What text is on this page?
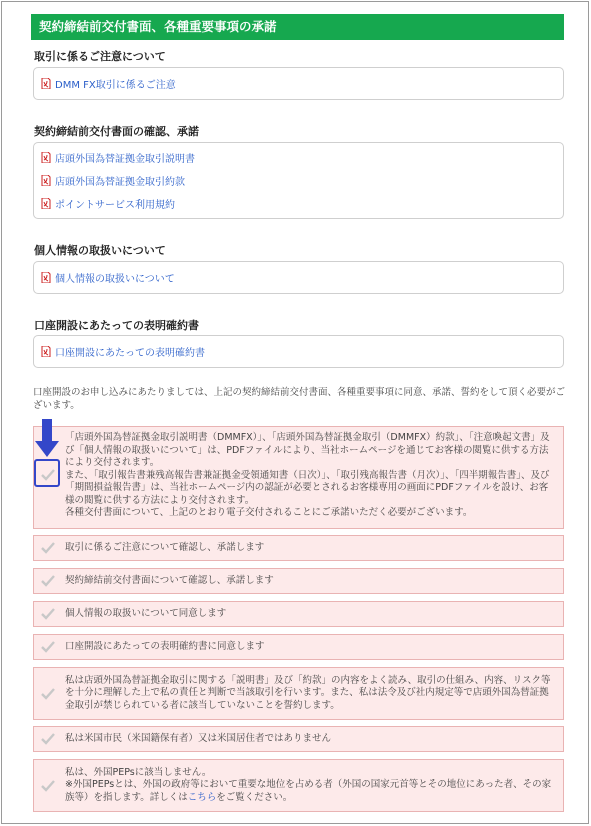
契約締結前交付書面、各種重要事項の承諾
取引に係るご注意について
DMM FX取引に係るご注意
契約締結前交付書面の確認、承諾
店頭外国為替証拠金取引説明書
店頭外国為替証拠金取引約款
ポイントサービス利用規約
個人情報の取扱いについて
個人情報の取扱いについて
口座開設にあたっての表明確約書
口座開設にあたっての表明確約書
口座開設のお申し込みにあたりましては、上記の契約締結前交付書面、各種重要事項に同意、承諾、誓約をして頂く必要がございます。
「店頭外国為替証拠金取引説明書（DMMFX）」、「店頭外国為替証拠金取引（DMMFX）約款」、「注意喚起文書」及び「個人情報の取扱いについて」は、PDFファイルにより、当社ホームページを通じてお客様の閲覧に供する方法により交付されます。
また、「取引報告書兼残高報告書兼証拠金受領通知書（日次）」、「取引残高報告書（月次）」、「四半期報告書」、及び「期間損益報告書」は、当社ホームページ内の認証が必要とされるお客様専用の画面にPDFファイルを設け、お客様の閲覧に供する方法により交付されます。
各種交付書面について、上記のとおり電子交付されることにご承諾いただく必要がございます。
取引に係るご注意について確認し、承諾します
契約締結前交付書面について確認し、承諾します
個人情報の取扱いについて同意します
口座開設にあたっての表明確約書に同意します
私は店頭外国為替証拠金取引に関する「説明書」及び「約款」の内容をよく読み、取引の仕組み、内容、リスク等を十分に理解した上で私の責任と判断で当該取引を行います。また、私は法令及び社内規定等で店頭外国為替証拠金取引が禁じられている者に該当していないことを誓約します。
私は米国市民（米国籍保有者）又は米国居住者ではありません
私は、外国PEPsに該当しません。
※外国PEPsとは、外国の政府等において重要な地位を占める者（外国の国家元首等とその地位にあった者、その家族等）を指します。詳しくはこちらをご覧ください。
